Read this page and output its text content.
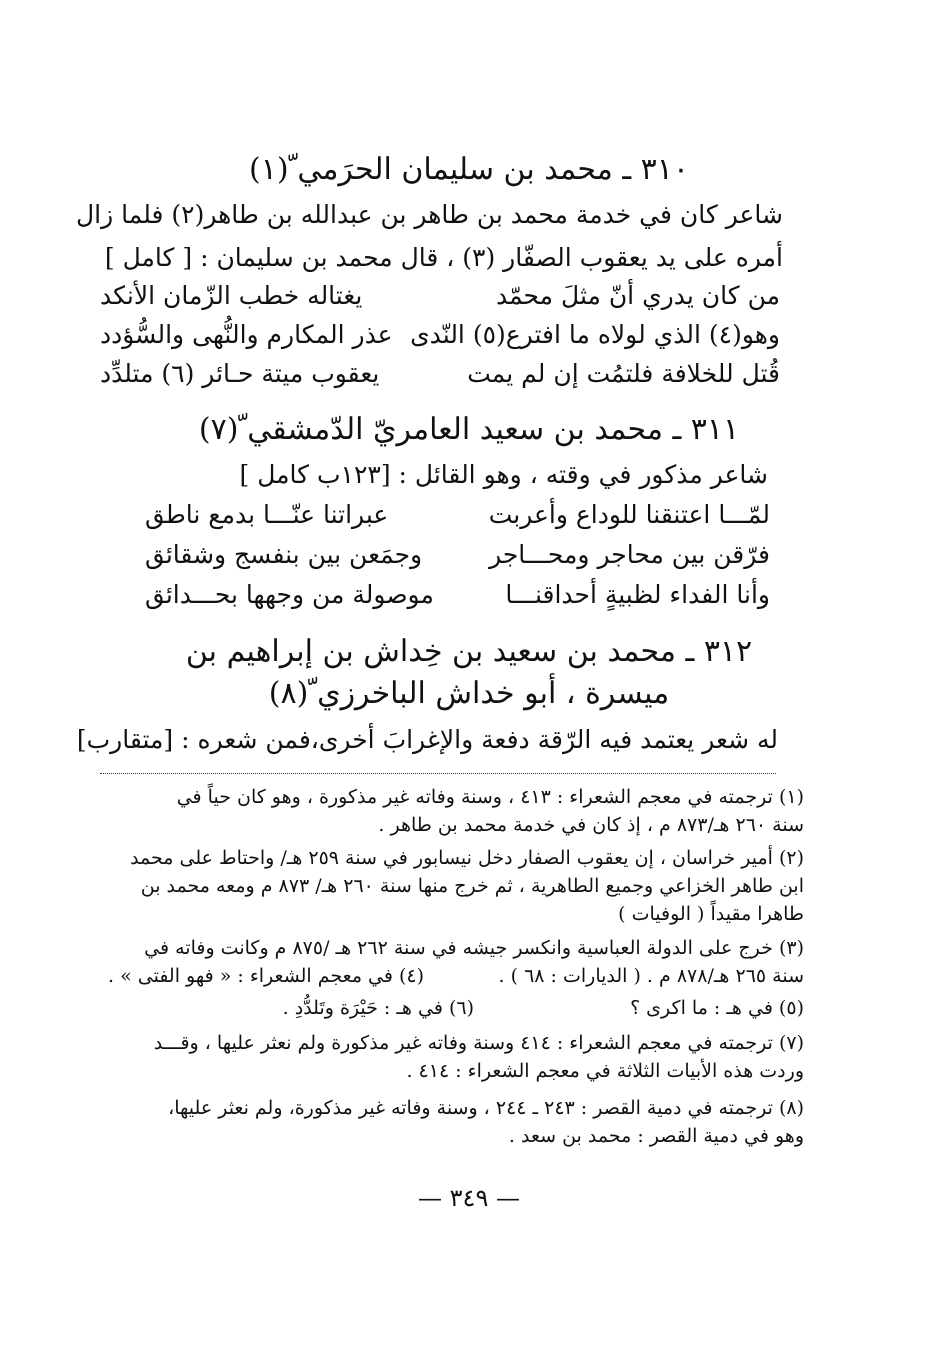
٣١٠ ـ محمد بن سليمان الحرَمي ّ(١)
شاعر كان في خدمة محمد بن طاهر بن عبدالله بن طاهر(٢) فلما زال
أمره على يد يعقوب الصفّار (٣) ، قال محمد بن سليمان : [ كامل ]
من كان يدري أنّ مثلَ محمّد
يغتاله خطب الزّمان الأنكد
وهو(٤) الذي لولاه ما افترع(٥) النّدى
عذر المكارم والنُّهى والسُّؤدد
قُتل للخلافة فلتمُت إن لم يمت
يعقوب ميتة حـائر (٦) متلدِّد
٣١١ ـ محمد بن سعيد العامريّ الدّمشقي ّ(٧)
شاعر مذكور في وقته ، وهو القائل : [١٢٣ب كامل ]
لمّـــا اعتنقنا للوداع وأعربت
عبراتنا عنّـــا بدمع ناطق
فرّقن بين محاجر ومحـــاجر
وجمَعن بين بنفسج وشقائق
وأنا الفداء لظبيةٍ أحداقنـــا
موصولة من وجهها بحـــدائق
٣١٢ ـ محمد بن سعيد بن خِداش بن إبراهيم بن
ميسرة ، أبو خداش الباخرزي ّ(٨)
له شعر يعتمد فيه الرّقة دفعة والإغرابَ أخرى،فمن شعره : [متقارب]
(١) ترجمته في معجم الشعراء : ٤١٣ ، وسنة وفاته غير مذكورة ، وهو كان حياً في
سنة ٢٦٠ هـ/٨٧٣ م ، إذ كان في خدمة محمد بن طاهر .
(٢) أمير خراسان ، إن يعقوب الصفار دخل نيسابور في سنة ٢٥٩ هـ/ واحتاط على محمد
ابن طاهر الخزاعي وجميع الطاهرية ، ثم خرج منها سنة ٢٦٠ هـ/ ٨٧٣ م ومعه محمد بن
طاهرا مقيداً ( الوفيات )
(٣) خرج على الدولة العباسية وانكسر جيشه في سنة ٢٦٢ هـ /٨٧٥ م وكانت وفاته في
سنة ٢٦٥ هـ/٨٧٨ م . ( الديارات : ٦٨ ) .
(٤) في معجم الشعراء : « فهو الفتى » .
(٥) في هـ : ما اكرى ؟
(٦) في هـ : حَيْرَة وتَلدُّدِ .
(٧) ترجمته في معجم الشعراء : ٤١٤ وسنة وفاته غير مذكورة ولم نعثر عليها ، وقـــد
وردت هذه الأبيات الثلاثة في معجم الشعراء : ٤١٤ .
(٨) ترجمته في دمية القصر : ٢٤٣ ـ ٢٤٤ ، وسنة وفاته غير مذكورة، ولم نعثر عليها،
وهو في دمية القصر : محمد بن سعد .
— ٣٤٩ —
